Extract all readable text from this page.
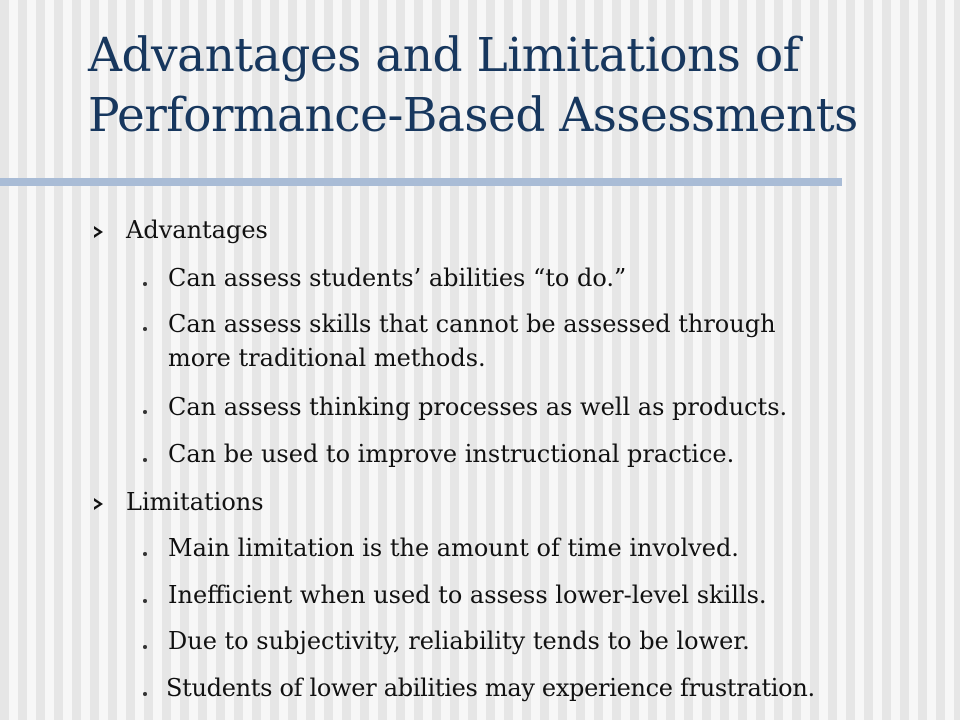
Advantages and Limitations of
Performance-Based Assessments
Advantages
Can assess students’ abilities “to do.”
Can assess skills that cannot be assessed through
more traditional methods.
Can assess thinking processes as well as products.
Can be used to improve instructional practice.
Limitations
Main limitation is the amount of time involved.
Inefficient when used to assess lower-level skills.
Due to subjectivity, reliability tends to be lower.
Students of lower abilities may experience frustration.
